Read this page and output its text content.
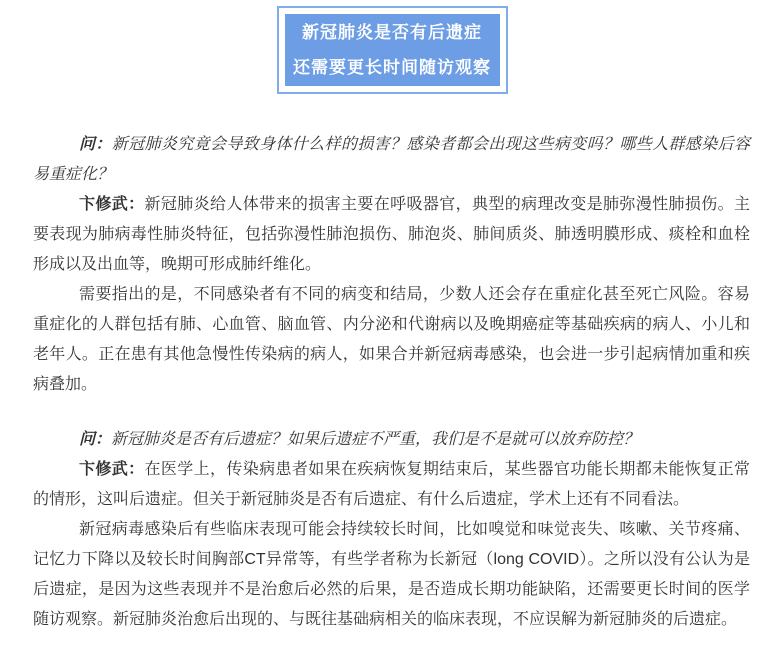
新冠肺炎是否有后遗症
还需要更长时间随访观察

问：新冠肺炎究竟会导致身体什么样的损害？感染者都会出现这些病变吗？哪些人群感染后容易重症化？

卞修武：新冠肺炎给人体带来的损害主要在呼吸器官，典型的病理改变是肺弥漫性肺损伤。主要表现为肺病毒性肺炎特征，包括弥漫性肺泡损伤、肺泡炎、肺间质炎、肺透明膜形成、痰栓和血栓形成以及出血等，晚期可形成肺纤维化。

需要指出的是，不同感染者有不同的病变和结局，少数人还会存在重症化甚至死亡风险。容易重症化的人群包括有肺、心血管、脑血管、内分泌和代谢病以及晚期癌症等基础疾病的病人、小儿和老年人。正在患有其他急慢性传染病的病人，如果合并新冠病毒感染，也会进一步引起病情加重和疾病叠加。

问：新冠肺炎是否有后遗症？如果后遗症不严重，我们是不是就可以放弃防控？

卞修武：在医学上，传染病患者如果在疾病恢复期结束后，某些器官功能长期都未能恢复正常的情形，这叫后遗症。但关于新冠肺炎是否有后遗症、有什么后遗症，学术上还有不同看法。

新冠病毒感染后有些临床表现可能会持续较长时间，比如嗅觉和味觉丧失、咳嗽、关节疼痛、记忆力下降以及较长时间胸部CT异常等，有些学者称为长新冠（long COVID）。之所以没有公认为是后遗症，是因为这些表现并不是治愈后必然的后果，是否造成长期功能缺陷，还需要更长时间的医学随访观察。新冠肺炎治愈后出现的、与既往基础病相关的临床表现，不应误解为新冠肺炎的后遗症。
